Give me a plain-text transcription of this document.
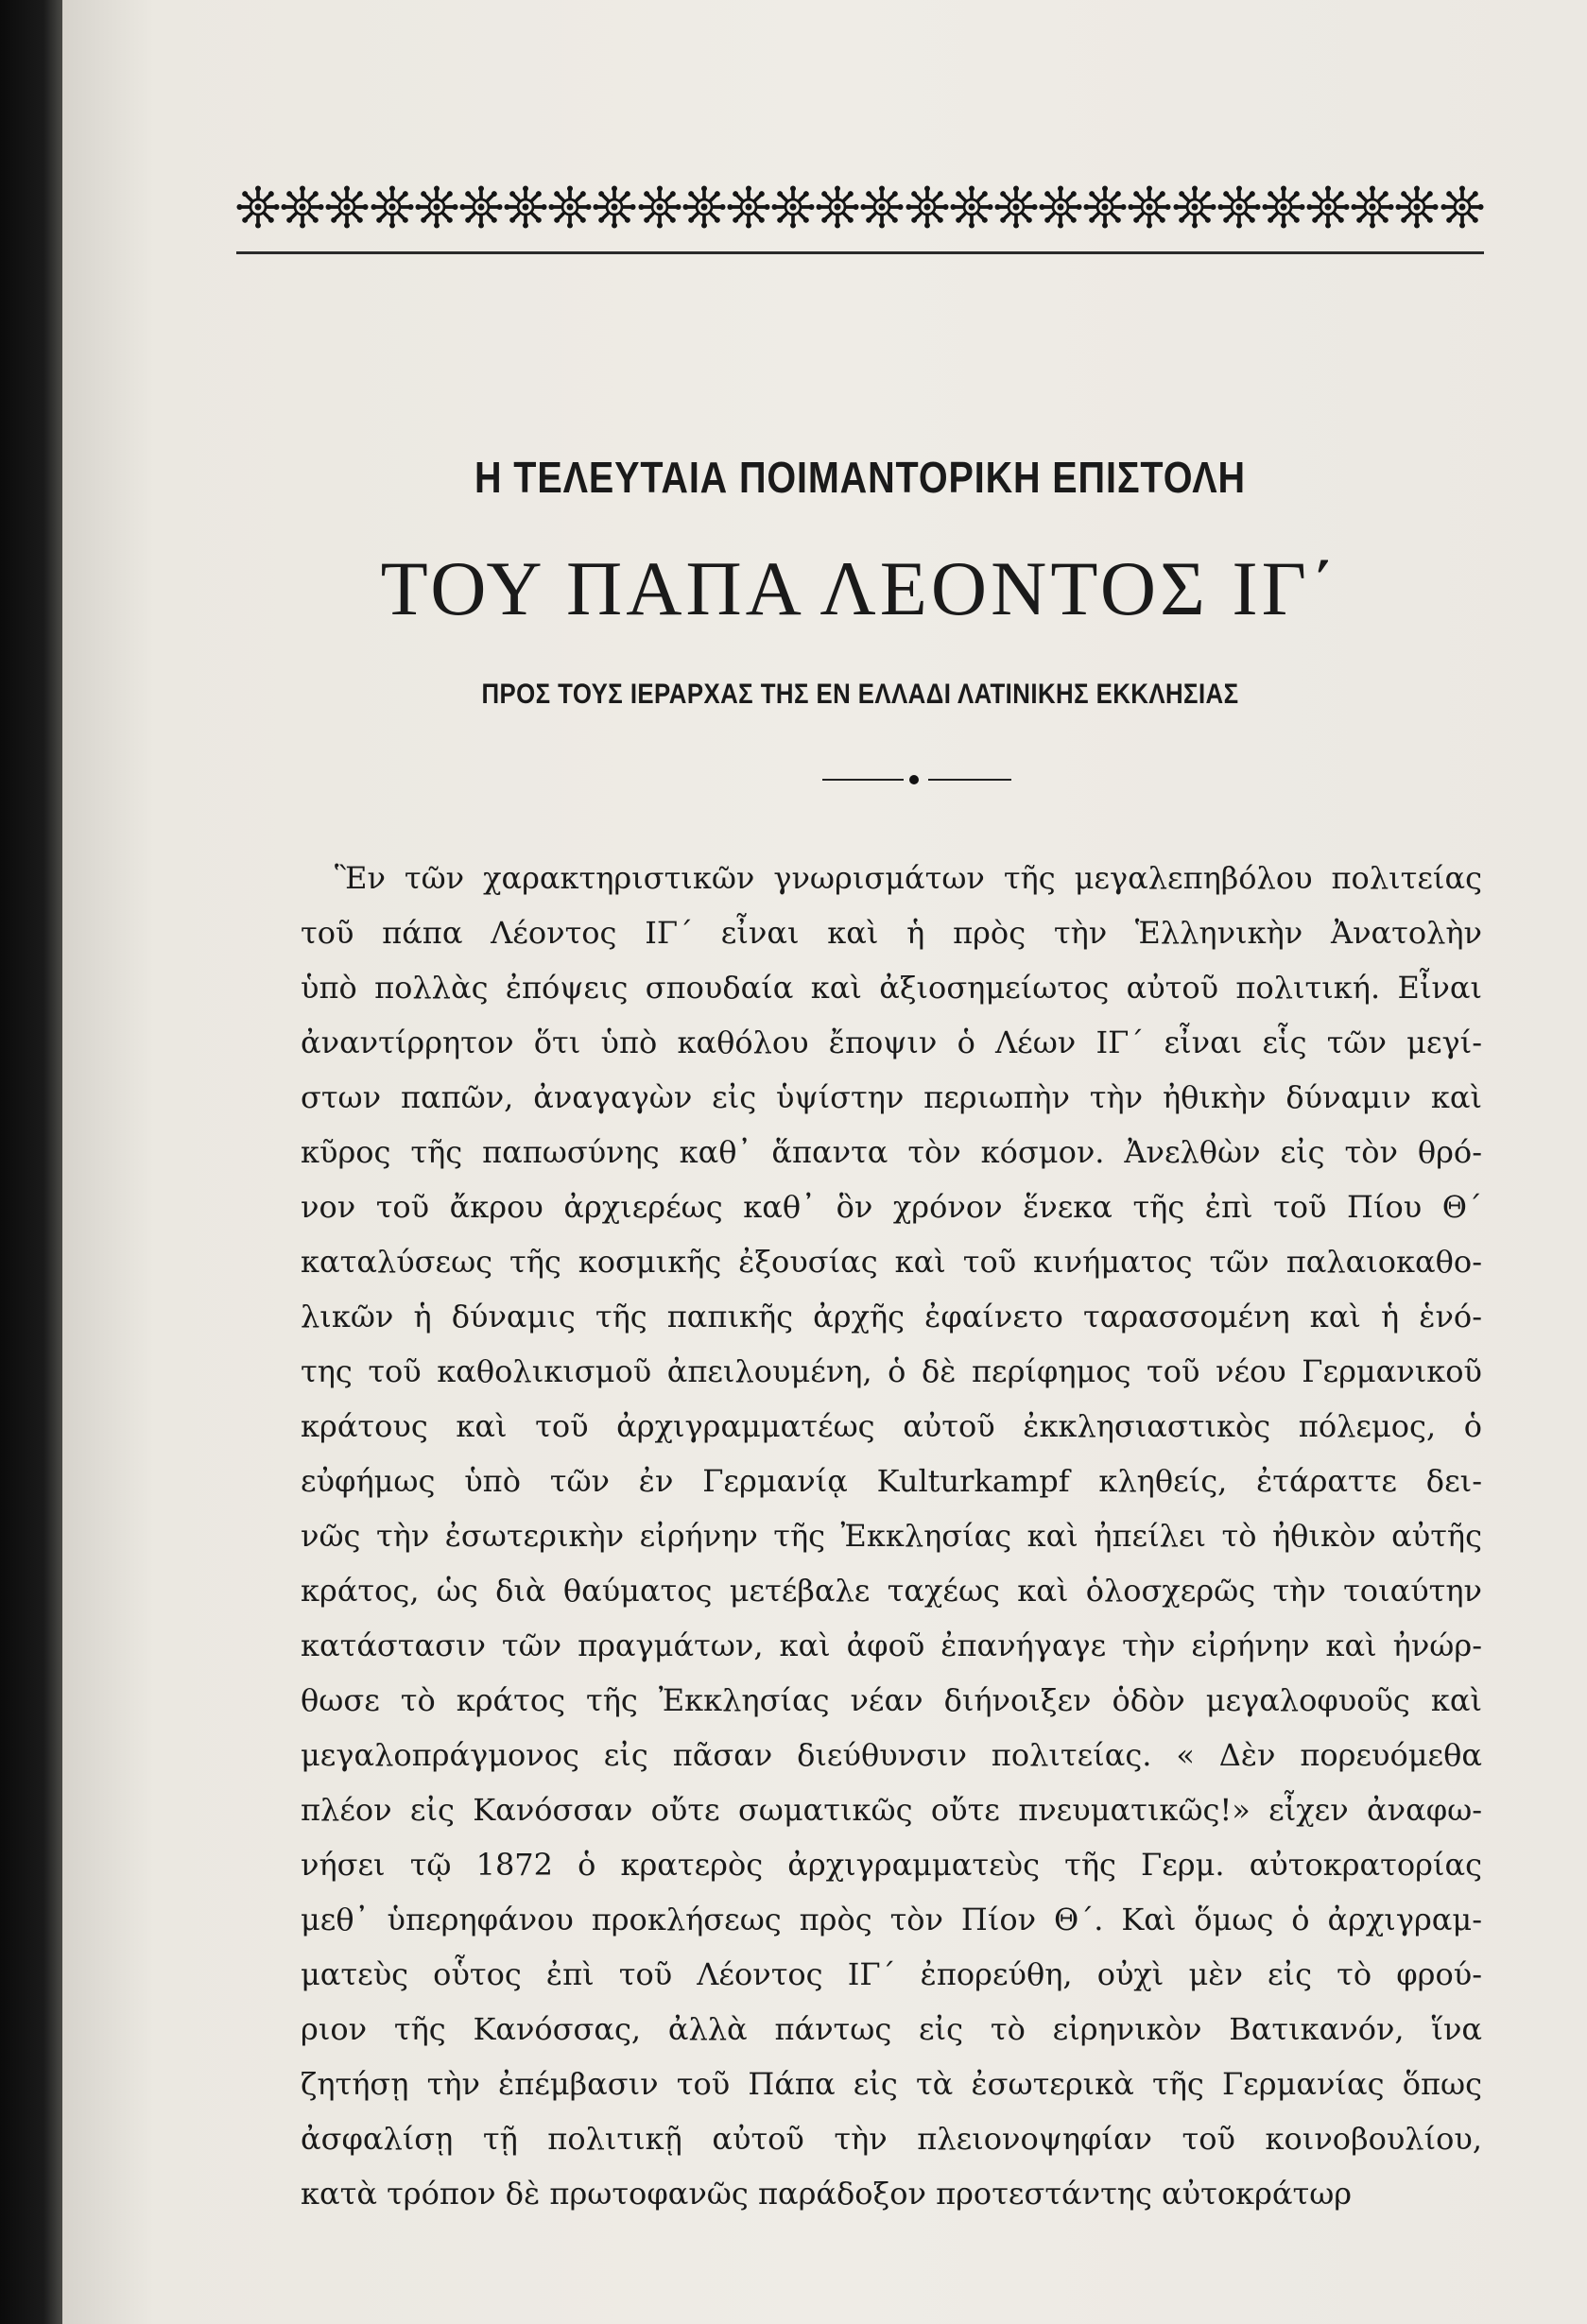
Η ΤΕΛΕΥΤΑΙΑ ΠΟΙΜΑΝΤΟΡΙΚΗ ΕΠΙΣΤΟΛΗ
ΤΟΥ ΠΑΠΑ ΛΕΟΝΤΟΣ ΙΓ΄
ΠΡΟΣ ΤΟΥΣ ΙΕΡΑΡΧΑΣ ΤΗΣ ΕΝ ΕΛΛΑΔΙ ΛΑΤΙΝΙΚΗΣ ΕΚΚΛΗΣΙΑΣ
Ἓν τῶν χαρακτηριστικῶν γνωρισμάτων τῆς μεγαλεπηβόλου πολιτείας
τοῦ πάπα Λέοντος ΙΓ΄ εἶναι καὶ ἡ πρὸς τὴν Ἑλληνικὴν Ἀνατολὴν
ὑπὸ πολλὰς ἐπόψεις σπουδαία καὶ ἀξιοσημείωτος αὐτοῦ πολιτική. Εἶναι
ἀναντίρρητον ὅτι ὑπὸ καθόλου ἔποψιν ὁ Λέων ΙΓ΄ εἶναι εἷς τῶν μεγί-
στων παπῶν, ἀναγαγὼν εἰς ὑψίστην περιωπὴν τὴν ἠθικὴν δύναμιν καὶ
κῦρος τῆς παπωσύνης καθ᾽ ἅπαντα τὸν κόσμον. Ἀνελθὼν εἰς τὸν θρό-
νον τοῦ ἄκρου ἀρχιερέως καθ᾽ ὃν χρόνον ἕνεκα τῆς ἐπὶ τοῦ Πίου Θ΄
καταλύσεως τῆς κοσμικῆς ἐξουσίας καὶ τοῦ κινήματος τῶν παλαιοκαθο-
λικῶν ἡ δύναμις τῆς παπικῆς ἀρχῆς ἐφαίνετο ταρασσομένη καὶ ἡ ἑνό-
της τοῦ καθολικισμοῦ ἀπειλουμένη, ὁ δὲ περίφημος τοῦ νέου Γερμανικοῦ
κράτους καὶ τοῦ ἀρχιγραμματέως αὐτοῦ ἐκκλησιαστικὸς πόλεμος, ὁ
εὐφήμως ὑπὸ τῶν ἐν Γερμανίᾳ Kulturkampf κληθείς, ἐτάραττε δει-
νῶς τὴν ἐσωτερικὴν εἰρήνην τῆς Ἐκκλησίας καὶ ἠπείλει τὸ ἠθικὸν αὐτῆς
κράτος, ὡς διὰ θαύματος μετέβαλε ταχέως καὶ ὁλοσχερῶς τὴν τοιαύτην
κατάστασιν τῶν πραγμάτων, καὶ ἀφοῦ ἐπανήγαγε τὴν εἰρήνην καὶ ἠνώρ-
θωσε τὸ κράτος τῆς Ἐκκλησίας νέαν διήνοιξεν ὁδὸν μεγαλοφυοῦς καὶ
μεγαλοπράγμονος εἰς πᾶσαν διεύθυνσιν πολιτείας. « Δὲν πορευόμεθα
πλέον εἰς Κανόσσαν οὔτε σωματικῶς οὔτε πνευματικῶς!» εἶχεν ἀναφω-
νήσει τῷ 1872 ὁ κρατερὸς ἀρχιγραμματεὺς τῆς Γερμ. αὐτοκρατορίας
μεθ᾽ ὑπερηφάνου προκλήσεως πρὸς τὸν Πίον Θ΄. Καὶ ὅμως ὁ ἀρχιγραμ-
ματεὺς οὗτος ἐπὶ τοῦ Λέοντος ΙΓ΄ ἐπορεύθη, οὐχὶ μὲν εἰς τὸ φρού-
ριον τῆς Κανόσσας, ἀλλὰ πάντως εἰς τὸ εἰρηνικὸν Βατικανόν, ἵνα
ζητήσῃ τὴν ἐπέμβασιν τοῦ Πάπα εἰς τὰ ἐσωτερικὰ τῆς Γερμανίας ὅπως
ἀσφαλίσῃ τῇ πολιτικῇ αὐτοῦ τὴν πλειονοψηφίαν τοῦ κοινοβουλίου,
κατὰ τρόπον δὲ πρωτοφανῶς παράδοξον προτεστάντης αὐτοκράτωρ
